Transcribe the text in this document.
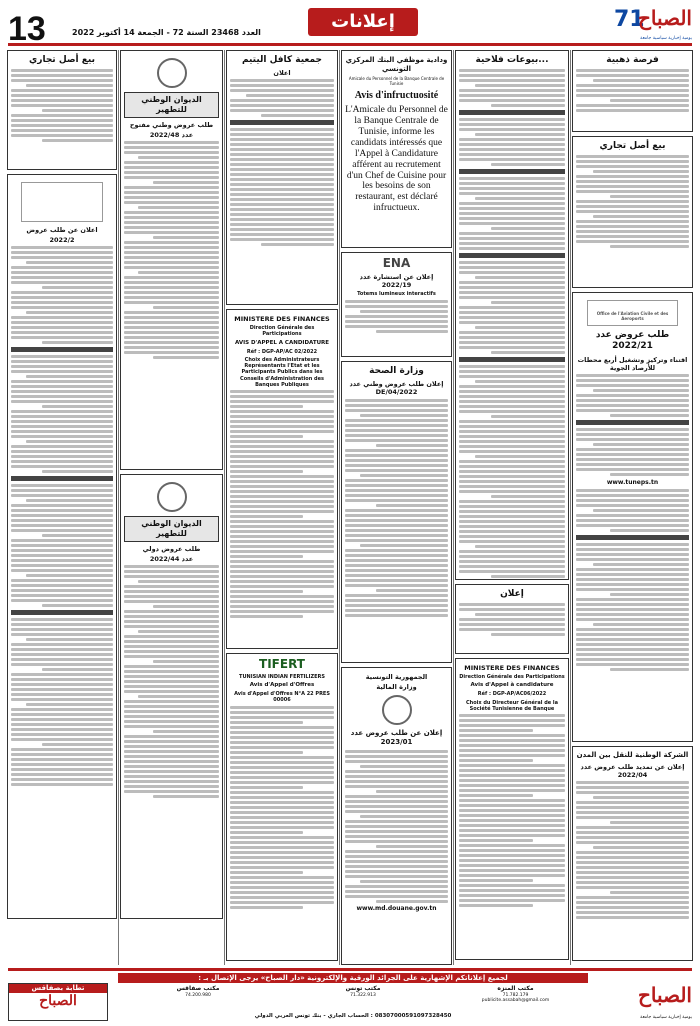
13	العدد 23468 السنة 72 - الجمعة 14 أكتوبر 2022
إعلانات	71
الصباح
يومية إخبارية سياسية جامعة
فرصة ذهبية
بيع أصل تجاري
Office de l'Aviation Civile et des Aeroports
طلب عروض عدد 2022/21
اقتناء وتركيز وتشغيل أربع محطات للأرصاد الجوية

www.tuneps.tn

الشركة الوطنية للنقل بين المدن
إعلان عن تمديد طلب عروض عدد 2022/04
...بيوعات فلاحية
إعلان
MINISTERE DES FINANCES
Direction Générale des Participations
Avis d'Appel à candidature
Réf : DGP-AP/AC06/2022
Choix du Directeur Général de la Société Tunisienne de Banque
ودادية موظفي البنك المركزي التونسي

Amicale du Personnel de la Banque Centrale de Tunisie

Avis d'infructuosité
L'Amicale du Personnel de la Banque Centrale de Tunisie, informe les candidats intéressés que l'Appel à Candidature afférent au recrutement d'un Chef de Cuisine pour les besoins de son restaurant, est déclaré infructueux.
ENA
إعلان عن استشارة عدد 2022/19
Totems lumineux interactifs
وزارة الصحة
إعلان طلب عروض وطني عدد 2022/DE/04
الجمهورية التونسية
وزارة المالية
إعلان عن طلب عروض عدد 2023/01

www.md.douane.gov.tn

جمعية كافل اليتيم
اعلان
MINISTERE DES FINANCES
Direction Générale des Participations
AVIS D'APPEL A CANDIDATURE
Réf : DGP-AP/AC 02/2022
Choix des Administrateurs Représentants l'Etat et les Participants Publics dans les Conseils d'Administration des Banques Publiques
TIFERT
TUNISIAN INDIAN FERTILIZERS
Avis d'Appel d'Offres
Avis d'Appel d'Offres N°A 22 PRES 00006
الديوان الوطني للتطهير
طلب عروض وطني مفتوح
عدد 2022/48
الديوان الوطني للتطهير
طلب عروض دولي
عدد 2022/44
بيع أصل تجاري
اعلان عن طلب عروض
2022/2
لجميع إعلاناتكم الإشهارية على الجرائد الورقية والإلكترونية «دار الصباح» يرجى الإتصال بـ :
مكتب المنزه
71.782.179
publicite.assabah@gmail.com
مكتب تونس
71.322.913
مكتب صفاقس
74.200.980
08307000591097328450 : الحساب الجاري - بنك تونس العربي الدولي
تطابة بصفاقس
الصباح	الصباح
يومية إخبارية سياسية جامعة
